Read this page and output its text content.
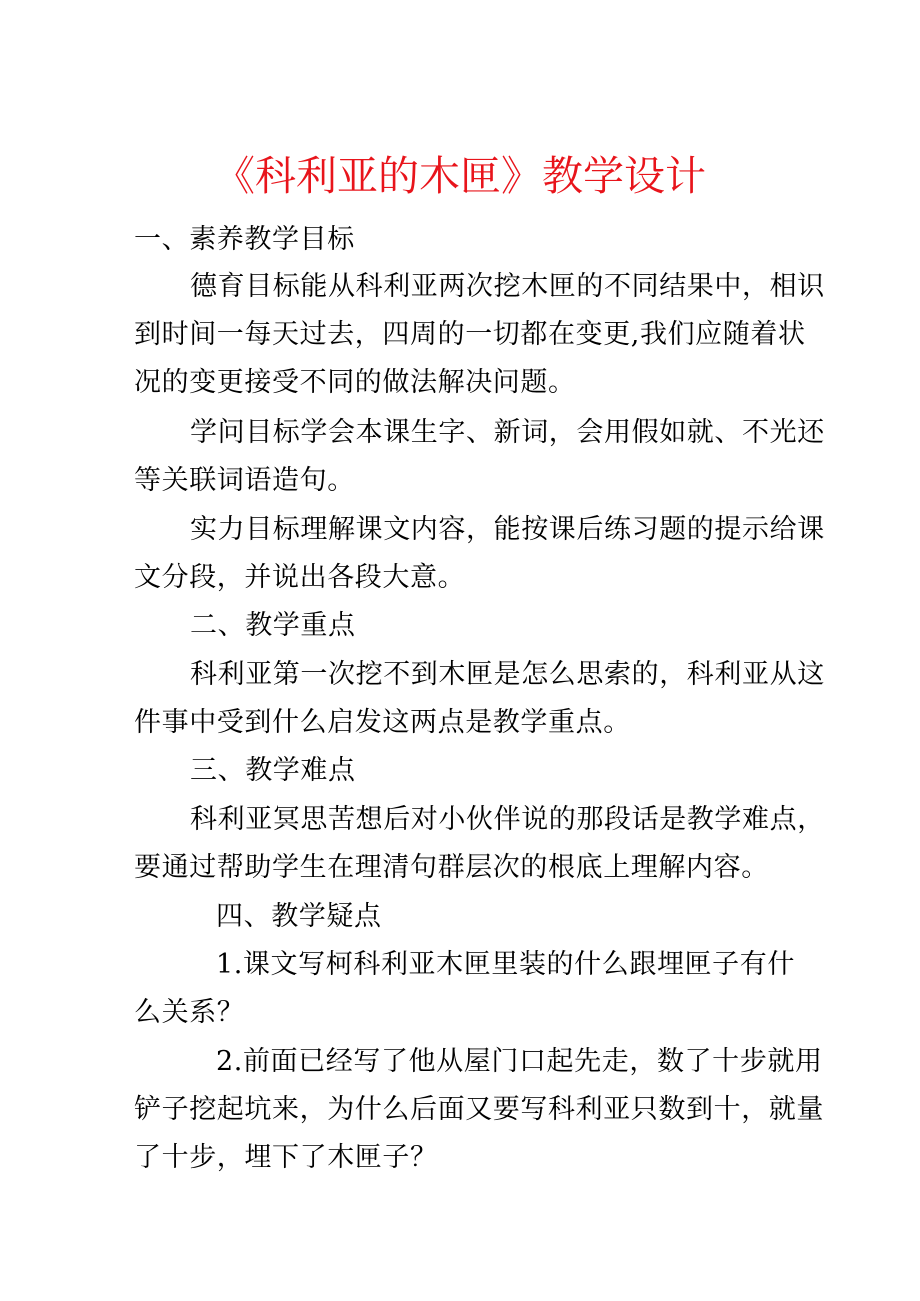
《科利亚的木匣》教学设计
一、素养教学目标
德育目标能从科利亚两次挖木匣的不同结果中，相识
到时间一每天过去，四周的一切都在变更,我们应随着状
况的变更接受不同的做法解决问题。
学问目标学会本课生字、新词，会用假如就、不光还
等关联词语造句。
实力目标理解课文内容，能按课后练习题的提示给课
文分段，并说出各段大意。
二、教学重点
科利亚第一次挖不到木匣是怎么思索的，科利亚从这
件事中受到什么启发这两点是教学重点。
三、教学难点
科利亚冥思苦想后对小伙伴说的那段话是教学难点，
要通过帮助学生在理清句群层次的根底上理解内容。
四、教学疑点
1.课文写柯科利亚木匣里装的什么跟埋匣子有什
么关系？
2.前面已经写了他从屋门口起先走，数了十步就用
铲子挖起坑来，为什么后面又要写科利亚只数到十，就量
了十步，埋下了木匣子？
